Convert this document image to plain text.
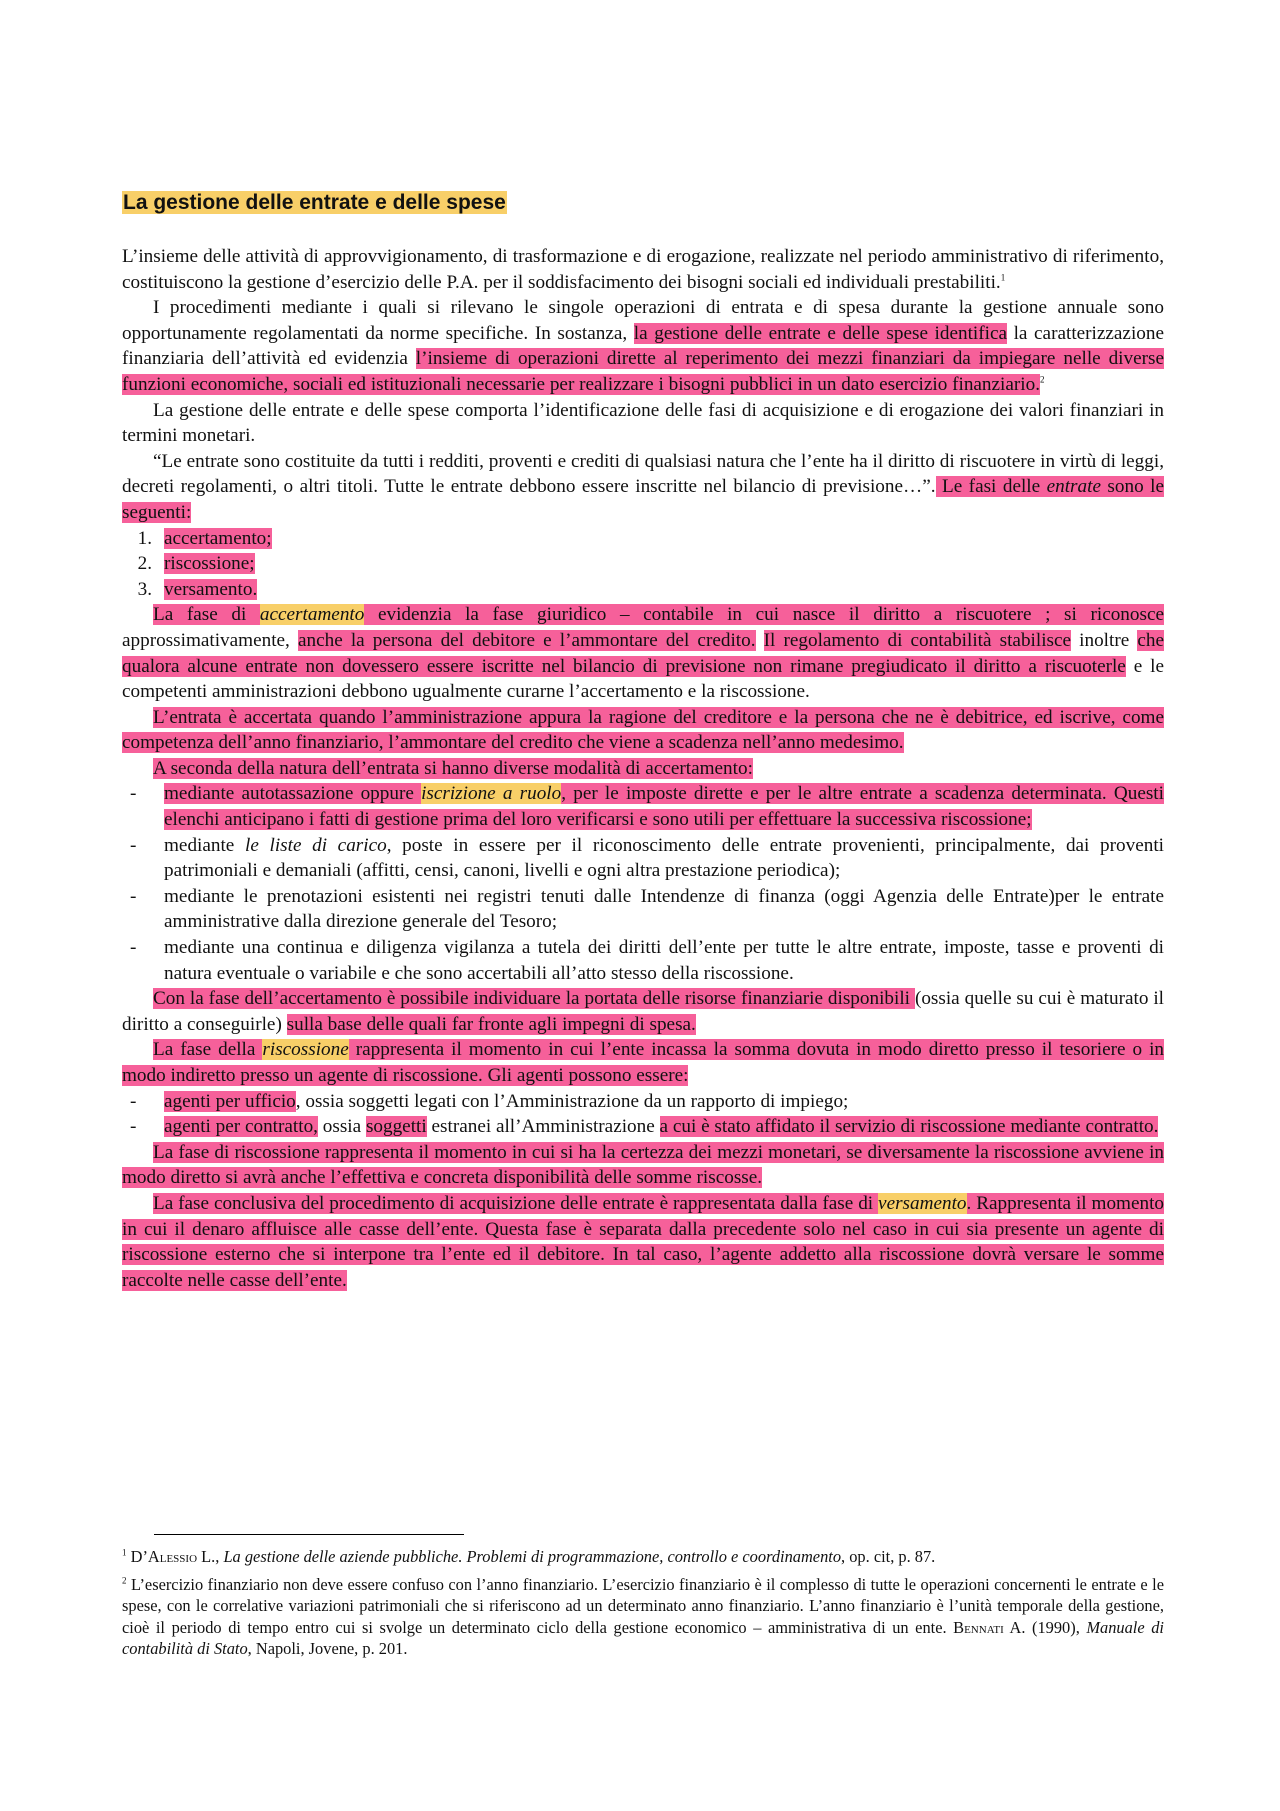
La gestione delle entrate e delle spese

L’insieme delle attività di approvvigionamento, di trasformazione e di erogazione, realizzate nel periodo amministrativo di riferimento, costituiscono la gestione d’esercizio delle P.A. per il soddisfacimento dei bisogni sociali ed individuali prestabiliti.$^1$

I procedimenti mediante i quali si rilevano le singole operazioni di entrata e di spesa durante la gestione annuale sono opportunamente regolamentati da norme specifiche. In sostanza, la gestione delle entrate e delle spese identifica la caratterizzazione finanziaria dell’attività ed evidenzia l’insieme di operazioni dirette al reperimento dei mezzi finanziari da impiegare nelle diverse funzioni economiche, sociali ed istituzionali necessarie per realizzare i bisogni pubblici in un dato esercizio finanziario.$^2$

La gestione delle entrate e delle spese comporta l’identificazione delle fasi di acquisizione e di erogazione dei valori finanziari in termini monetari.

“Le entrate sono costituite da tutti i redditi, proventi e crediti di qualsiasi natura che l’ente ha il diritto di riscuotere in virtù di leggi, decreti regolamenti, o altri titoli. Tutte le entrate debbono essere inscritte nel bilancio di previsione…”. Le fasi delle entrate sono le seguenti:

1. accertamento;
2. riscossione;
3. versamento.

La fase di accertamento evidenzia la fase giuridico – contabile in cui nasce il diritto a riscuotere ; si riconosce approssimativamente, anche la persona del debitore e l’ammontare del credito. Il regolamento di contabilità stabilisce inoltre che qualora alcune entrate non dovessero essere iscritte nel bilancio di previsione non rimane pregiudicato il diritto a riscuoterle e le competenti amministrazioni debbono ugualmente curarne l’accertamento e la riscossione.

L’entrata è accertata quando l’amministrazione appura la ragione del creditore e la persona che ne è debitrice, ed iscrive, come competenza dell’anno finanziario, l’ammontare del credito che viene a scadenza nell’anno medesimo.

A seconda della natura dell’entrata si hanno diverse modalità di accertamento:

- mediante autotassazione oppure iscrizione a ruolo, per le imposte dirette e per le altre entrate a scadenza determinata. Questi elenchi anticipano i fatti di gestione prima del loro verificarsi e sono utili per effettuare la successiva riscossione;
- mediante le liste di carico, poste in essere per il riconoscimento delle entrate provenienti, principalmente, dai proventi patrimoniali e demaniali (affitti, censi, canoni, livelli e ogni altra prestazione periodica);
- mediante le prenotazioni esistenti nei registri tenuti dalle Intendenze di finanza (oggi Agenzia delle Entrate)per le entrate amministrative dalla direzione generale del Tesoro;
- mediante una continua e diligenza vigilanza a tutela dei diritti dell’ente per tutte le altre entrate, imposte, tasse e proventi di natura eventuale o variabile e che sono accertabili all’atto stesso della riscossione.

Con la fase dell’accertamento è possibile individuare la portata delle risorse finanziarie disponibili (ossia quelle su cui è maturato il diritto a conseguirle) sulla base delle quali far fronte agli impegni di spesa.

La fase della riscossione rappresenta il momento in cui l’ente incassa la somma dovuta in modo diretto presso il tesoriere o in modo indiretto presso un agente di riscossione. Gli agenti possono essere:

- agenti per ufficio, ossia soggetti legati con l’Amministrazione da un rapporto di impiego;
- agenti per contratto, ossia soggetti estranei all’Amministrazione a cui è stato affidato il servizio di riscossione mediante contratto.

La fase di riscossione rappresenta il momento in cui si ha la certezza dei mezzi monetari, se diversamente la riscossione avviene in modo diretto si avrà anche l’effettiva e concreta disponibilità delle somme riscosse.

La fase conclusiva del procedimento di acquisizione delle entrate è rappresentata dalla fase di versamento. Rappresenta il momento in cui il denaro affluisce alle casse dell’ente. Questa fase è separata dalla precedente solo nel caso in cui sia presente un agente di riscossione esterno che si interpone tra l’ente ed il debitore. In tal caso, l’agente addetto alla riscossione dovrà versare le somme raccolte nelle casse dell’ente.

$^1$ D’Alessio L., La gestione delle aziende pubbliche. Problemi di programmazione, controllo e coordinamento, op. cit, p. 87.

$^2$ L’esercizio finanziario non deve essere confuso con l’anno finanziario. L’esercizio finanziario è il complesso di tutte le operazioni concernenti le entrate e le spese, con le correlative variazioni patrimoniali che si riferiscono ad un determinato anno finanziario. L’anno finanziario è l’unità temporale della gestione, cioè il periodo di tempo entro cui si svolge un determinato ciclo della gestione economico – amministrativa di un ente. Bennati A. (1990), Manuale di contabilità di Stato, Napoli, Jovene, p. 201.
